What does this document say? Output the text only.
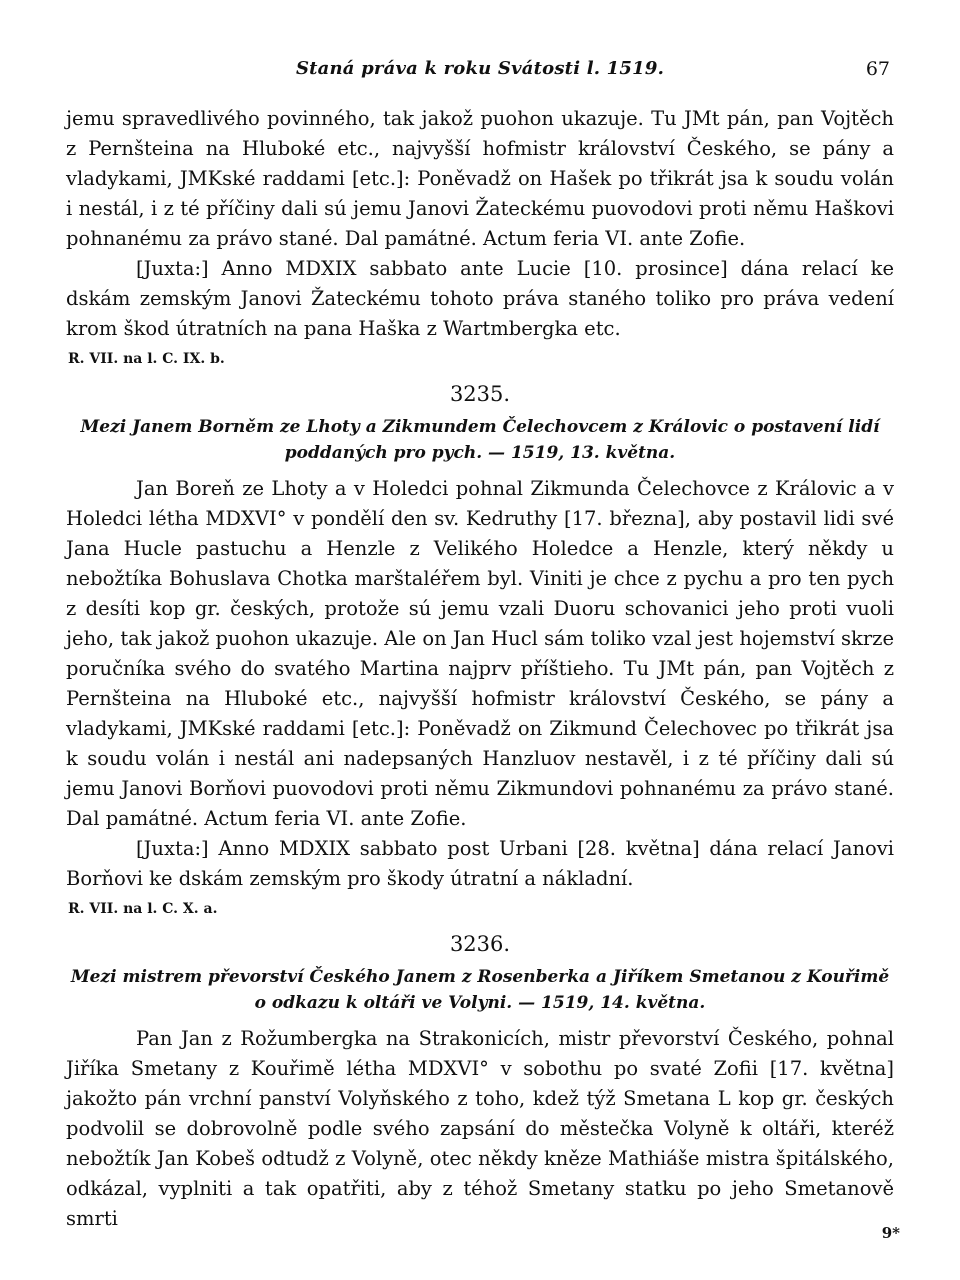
Staná práva k roku Svátosti l. 1519.	67

jemu spravedlivého povinného, tak jakož puohon ukazuje. Tu JMt pán, pan Vojtěch z Pernšteina na Hluboké etc., najvyšší hofmistr království Českého, se pány a vladykami, JMKské raddami [etc.]: Poněvadž on Hašek po třikrát jsa k soudu volán i nestál, i z té příčiny dali sú jemu Janovi Žateckému puovodovi proti němu Haškovi pohnanému za právo stané. Dal památné. Actum feria VI. ante Zofie.

[Juxta:] Anno MDXIX sabbato ante Lucie [10. prosince] dána relací ke dskám zemským Janovi Žateckému tohoto práva staného toliko pro práva vedení krom škod útratních na pana Haška z Wartmbergka etc.

R. VII. na l. C. IX. b.

3235.

Mezi Janem Borněm ze Lhoty a Zikmundem Čelechovcem z Královic o postavení lidí poddaných pro pych. — 1519, 13. května.

Jan Boreň ze Lhoty a v Holedci pohnal Zikmunda Čelechovce z Královic a v Holedci létha MDXVI° v pondělí den sv. Kedruthy [17. března], aby postavil lidi své Jana Hucle pastuchu a Henzle z Velikého Holedce a Henzle, který někdy u nebožtíka Bohuslava Chotka marštaléřem byl. Viniti je chce z pychu a pro ten pych z desíti kop gr. českých, protože sú jemu vzali Duoru schovanici jeho proti vuoli jeho, tak jakož puohon ukazuje. Ale on Jan Hucl sám toliko vzal jest hojemství skrze poručníka svého do svatého Martina najprv příštieho. Tu JMt pán, pan Vojtěch z Pernšteina na Hluboké etc., najvyšší hofmistr království Českého, se pány a vladykami, JMKské raddami [etc.]: Poněvadž on Zikmund Čelechovec po třikrát jsa k soudu volán i nestál ani nadepsaných Hanzluov nestavěl, i z té příčiny dali sú jemu Janovi Borňovi puovodovi proti němu Zikmundovi pohnanému za právo stané. Dal památné. Actum feria VI. ante Zofie.

[Juxta:] Anno MDXIX sabbato post Urbani [28. května] dána relací Janovi Borňovi ke dskám zemským pro škody útratní a nákladní.

R. VII. na l. C. X. a.

3236.

Mezi mistrem převorství Českého Janem z Rosenberka a Jiříkem Smetanou z Kouřimě o odkazu k oltáři ve Volyni. — 1519, 14. května.

Pan Jan z Rožumbergka na Strakonicích, mistr převorství Českého, pohnal Jiříka Smetany z Kouřimě létha MDXVI° v sobothu po svaté Zofii [17. května] jakožto pán vrchní panství Volyňského z toho, kdež týž Smetana L kop gr. českých podvolil se dobrovolně podle svého zapsání do městečka Volyně k oltáři, kteréž nebožtík Jan Kobeš odtudž z Volyně, otec někdy kněze Mathiáše mistra špitálského, odkázal, vyplniti a tak opatřiti, aby z téhož Smetany statku po jeho Smetanově smrti

9*
